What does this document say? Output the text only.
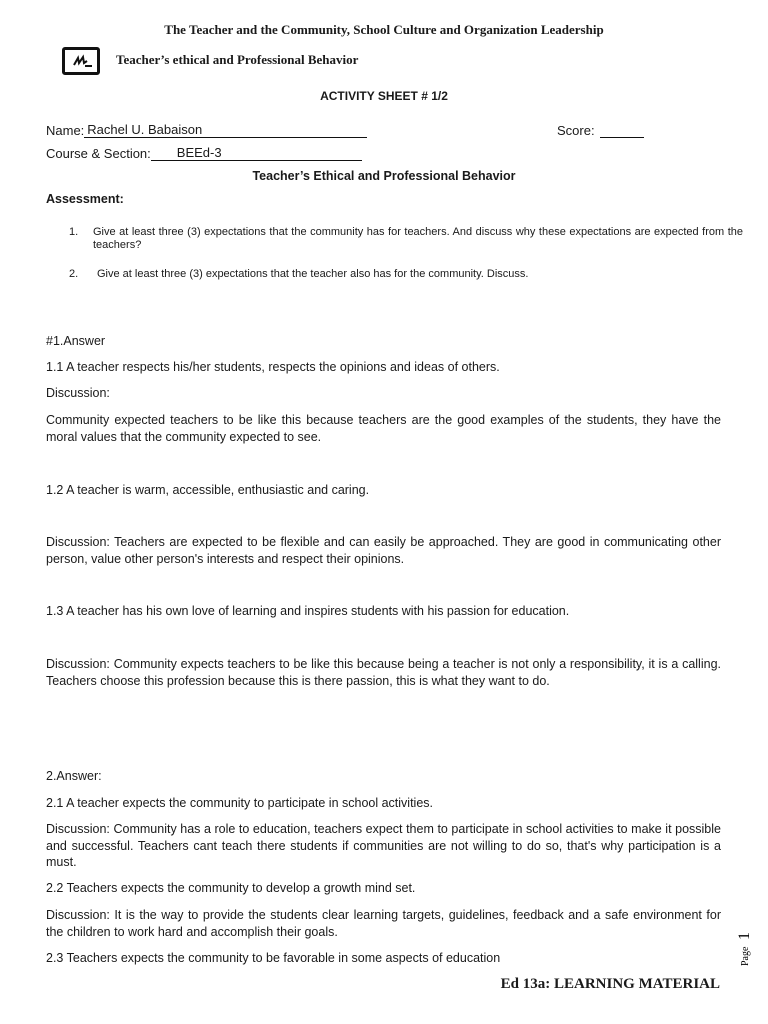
The Teacher and the Community, School Culture and Organization Leadership
Teacher’s ethical and Professional Behavior
ACTIVITY SHEET # 1/2
Name: Rachel U. Babaison	Score:
Course & Section: BEEd-3
Teacher’s Ethical and Professional Behavior
Assessment:
1. Give at least three (3) expectations that the community has for teachers. And discuss why these expectations are expected from the teachers?
2. Give at least three (3) expectations that the teacher also has for the community. Discuss.
#1.Answer
1.1 A teacher respects his/her students, respects the opinions and ideas of others.
Discussion:
Community expected teachers to be like this because teachers are the good examples of the students, they have the moral values that the community expected to see.
1.2 A teacher is warm, accessible, enthusiastic and caring.
Discussion: Teachers are expected to be flexible and can easily be approached. They are good in communicating other person, value other person's interests and respect their opinions.
1.3 A teacher has his own love of learning and inspires students with his passion for education.
Discussion: Community expects teachers to be like this because being a teacher is not only a responsibility, it is a calling. Teachers choose this profession because this is there passion, this is what they want to do.
2.Answer:
2.1 A teacher expects the community to participate in school activities.
Discussion: Community has a role to education, teachers expect them to participate in school activities to make it possible and successful. Teachers cant teach there students if communities are not willing to do so, that's why participation is a must.
2.2 Teachers expects the community to develop a growth mind set.
Discussion: It is the way to provide the students clear learning targets, guidelines, feedback and a safe environment for the children to work hard and accomplish their goals.
2.3 Teachers expects the community to be favorable in some aspects of education	Page
1
Ed 13a: LEARNING MATERIAL
